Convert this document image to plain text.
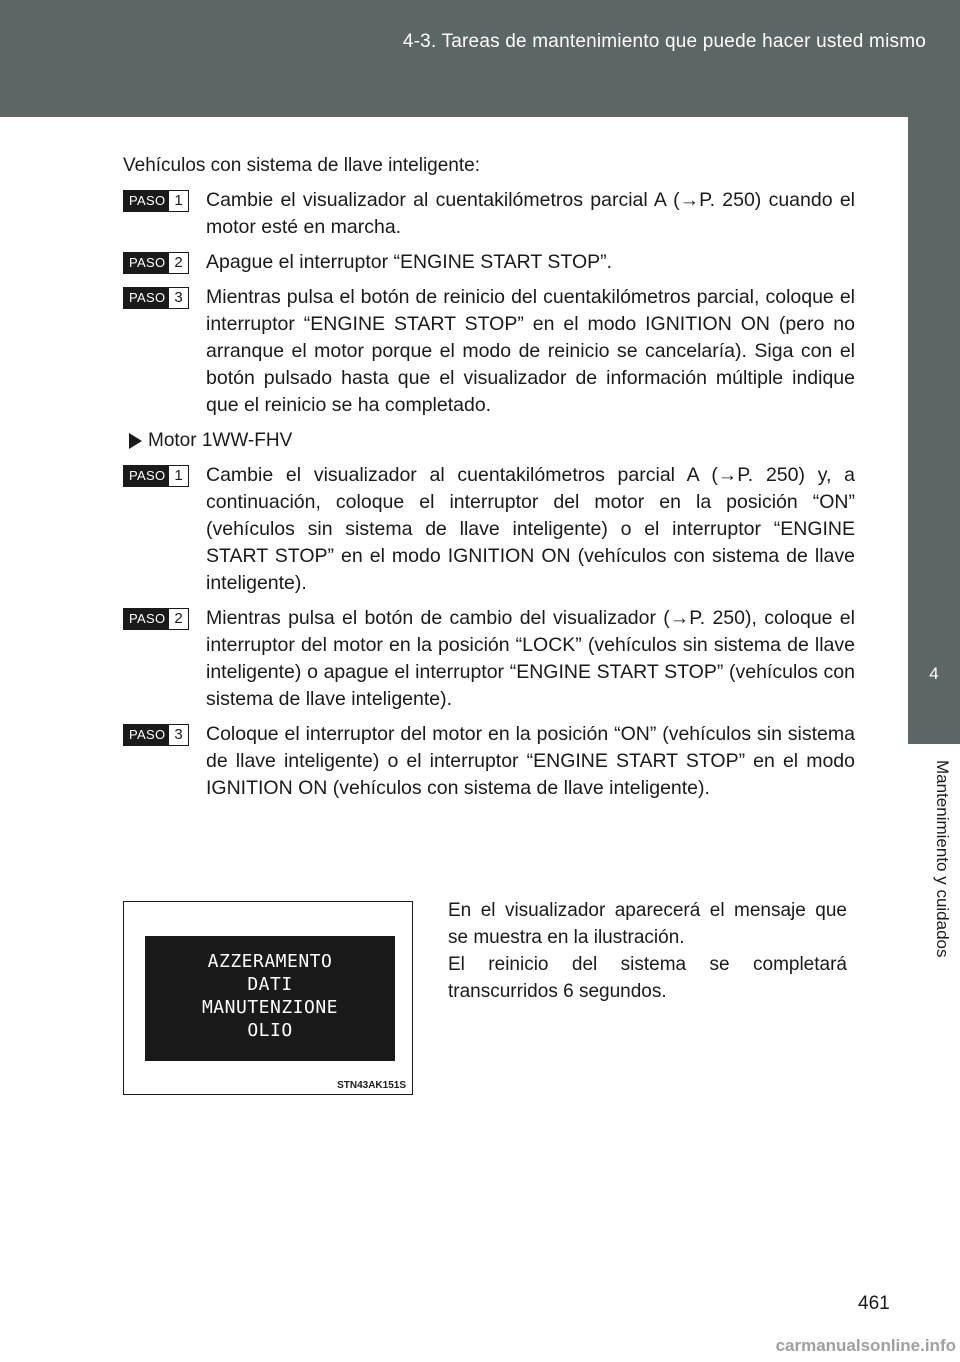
4-3. Tareas de mantenimiento que puede hacer usted mismo
4
Mantenimiento y cuidados

Vehículos con sistema de llave inteligente:

PASO 1 Cambie el visualizador al cuentakilómetros parcial A (→P. 250) cuando el motor esté en marcha.
PASO 2 Apague el interruptor “ENGINE START STOP”.
PASO 3 Mientras pulsa el botón de reinicio del cuentakilómetros parcial, coloque el interruptor “ENGINE START STOP” en el modo IGNITION ON (pero no arranque el motor porque el modo de reinicio se cancelaría). Siga con el botón pulsado hasta que el visualizador de información múltiple indique que el reinicio se ha completado.
Motor 1WW-FHV
PASO 1 Cambie el visualizador al cuentakilómetros parcial A (→P. 250) y, a continuación, coloque el interruptor del motor en la posición “ON” (vehículos sin sistema de llave inteligente) o el interruptor “ENGINE START STOP” en el modo IGNITION ON (vehículos con sistema de llave inteligente).
PASO 2 Mientras pulsa el botón de cambio del visualizador (→P. 250), coloque el interruptor del motor en la posición “LOCK” (vehículos sin sistema de llave inteligente) o apague el interruptor “ENGINE START STOP” (vehículos con sistema de llave inteligente).
PASO 3 Coloque el interruptor del motor en la posición “ON” (vehículos sin sistema de llave inteligente) o el interruptor “ENGINE START STOP” en el modo IGNITION ON (vehículos con sistema de llave inteligente).
AZZERAMENTO
DATI
MANUTENZIONE
OLIO
STN43AK151S

En el visualizador aparecerá el mensaje que se muestra en la ilustración.

El reinicio del sistema se completará transcurridos 6 segundos.

461
carmanualsonline.info
